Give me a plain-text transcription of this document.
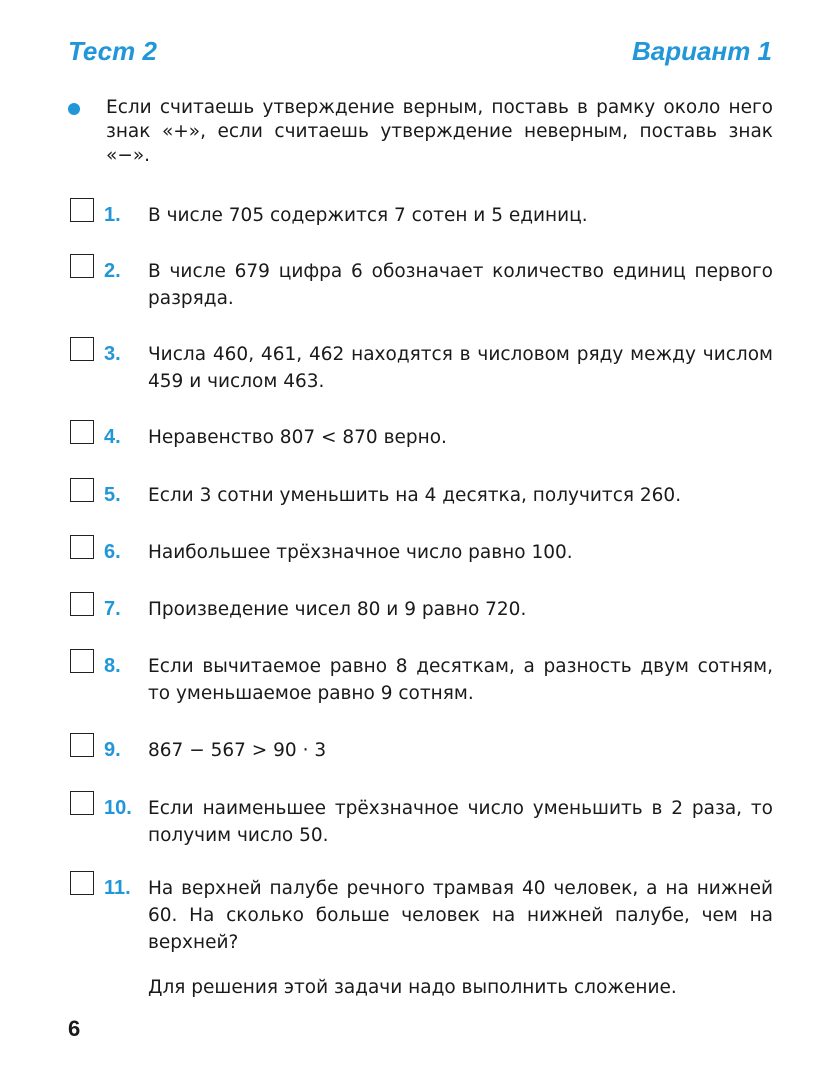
Тест 2	Вариант 1
Если считаешь утверждение верным, поставь в рамку около него знак «+», если считаешь утверждение неверным, поставь знак «−».
1.	В числе 705 содержится 7 сотен и 5 единиц.
2.	В числе 679 цифра 6 обозначает количество единиц первого разряда.
3.	Числа 460, 461, 462 находятся в числовом ряду между числом 459 и числом 463.
4.	Неравенство 807 < 870 верно.
5.	Если 3 сотни уменьшить на 4 десятка, получится 260.
6.	Наибольшее трёхзначное число равно 100.
7.	Произведение чисел 80 и 9 равно 720.
8.	Если вычитаемое равно 8 десяткам, а разность двум сотням, то уменьшаемое равно 9 сотням.
9.	867 − 567 > 90 · 3
10. Если наименьшее трёхзначное число уменьшить в 2 раза, то получим число 50.
11. На верхней палубе речного трамвая 40 человек, а на нижней 60. На сколько больше человек на нижней палубе, чем на верхней?
Для решения этой задачи надо выполнить сложение.
6
